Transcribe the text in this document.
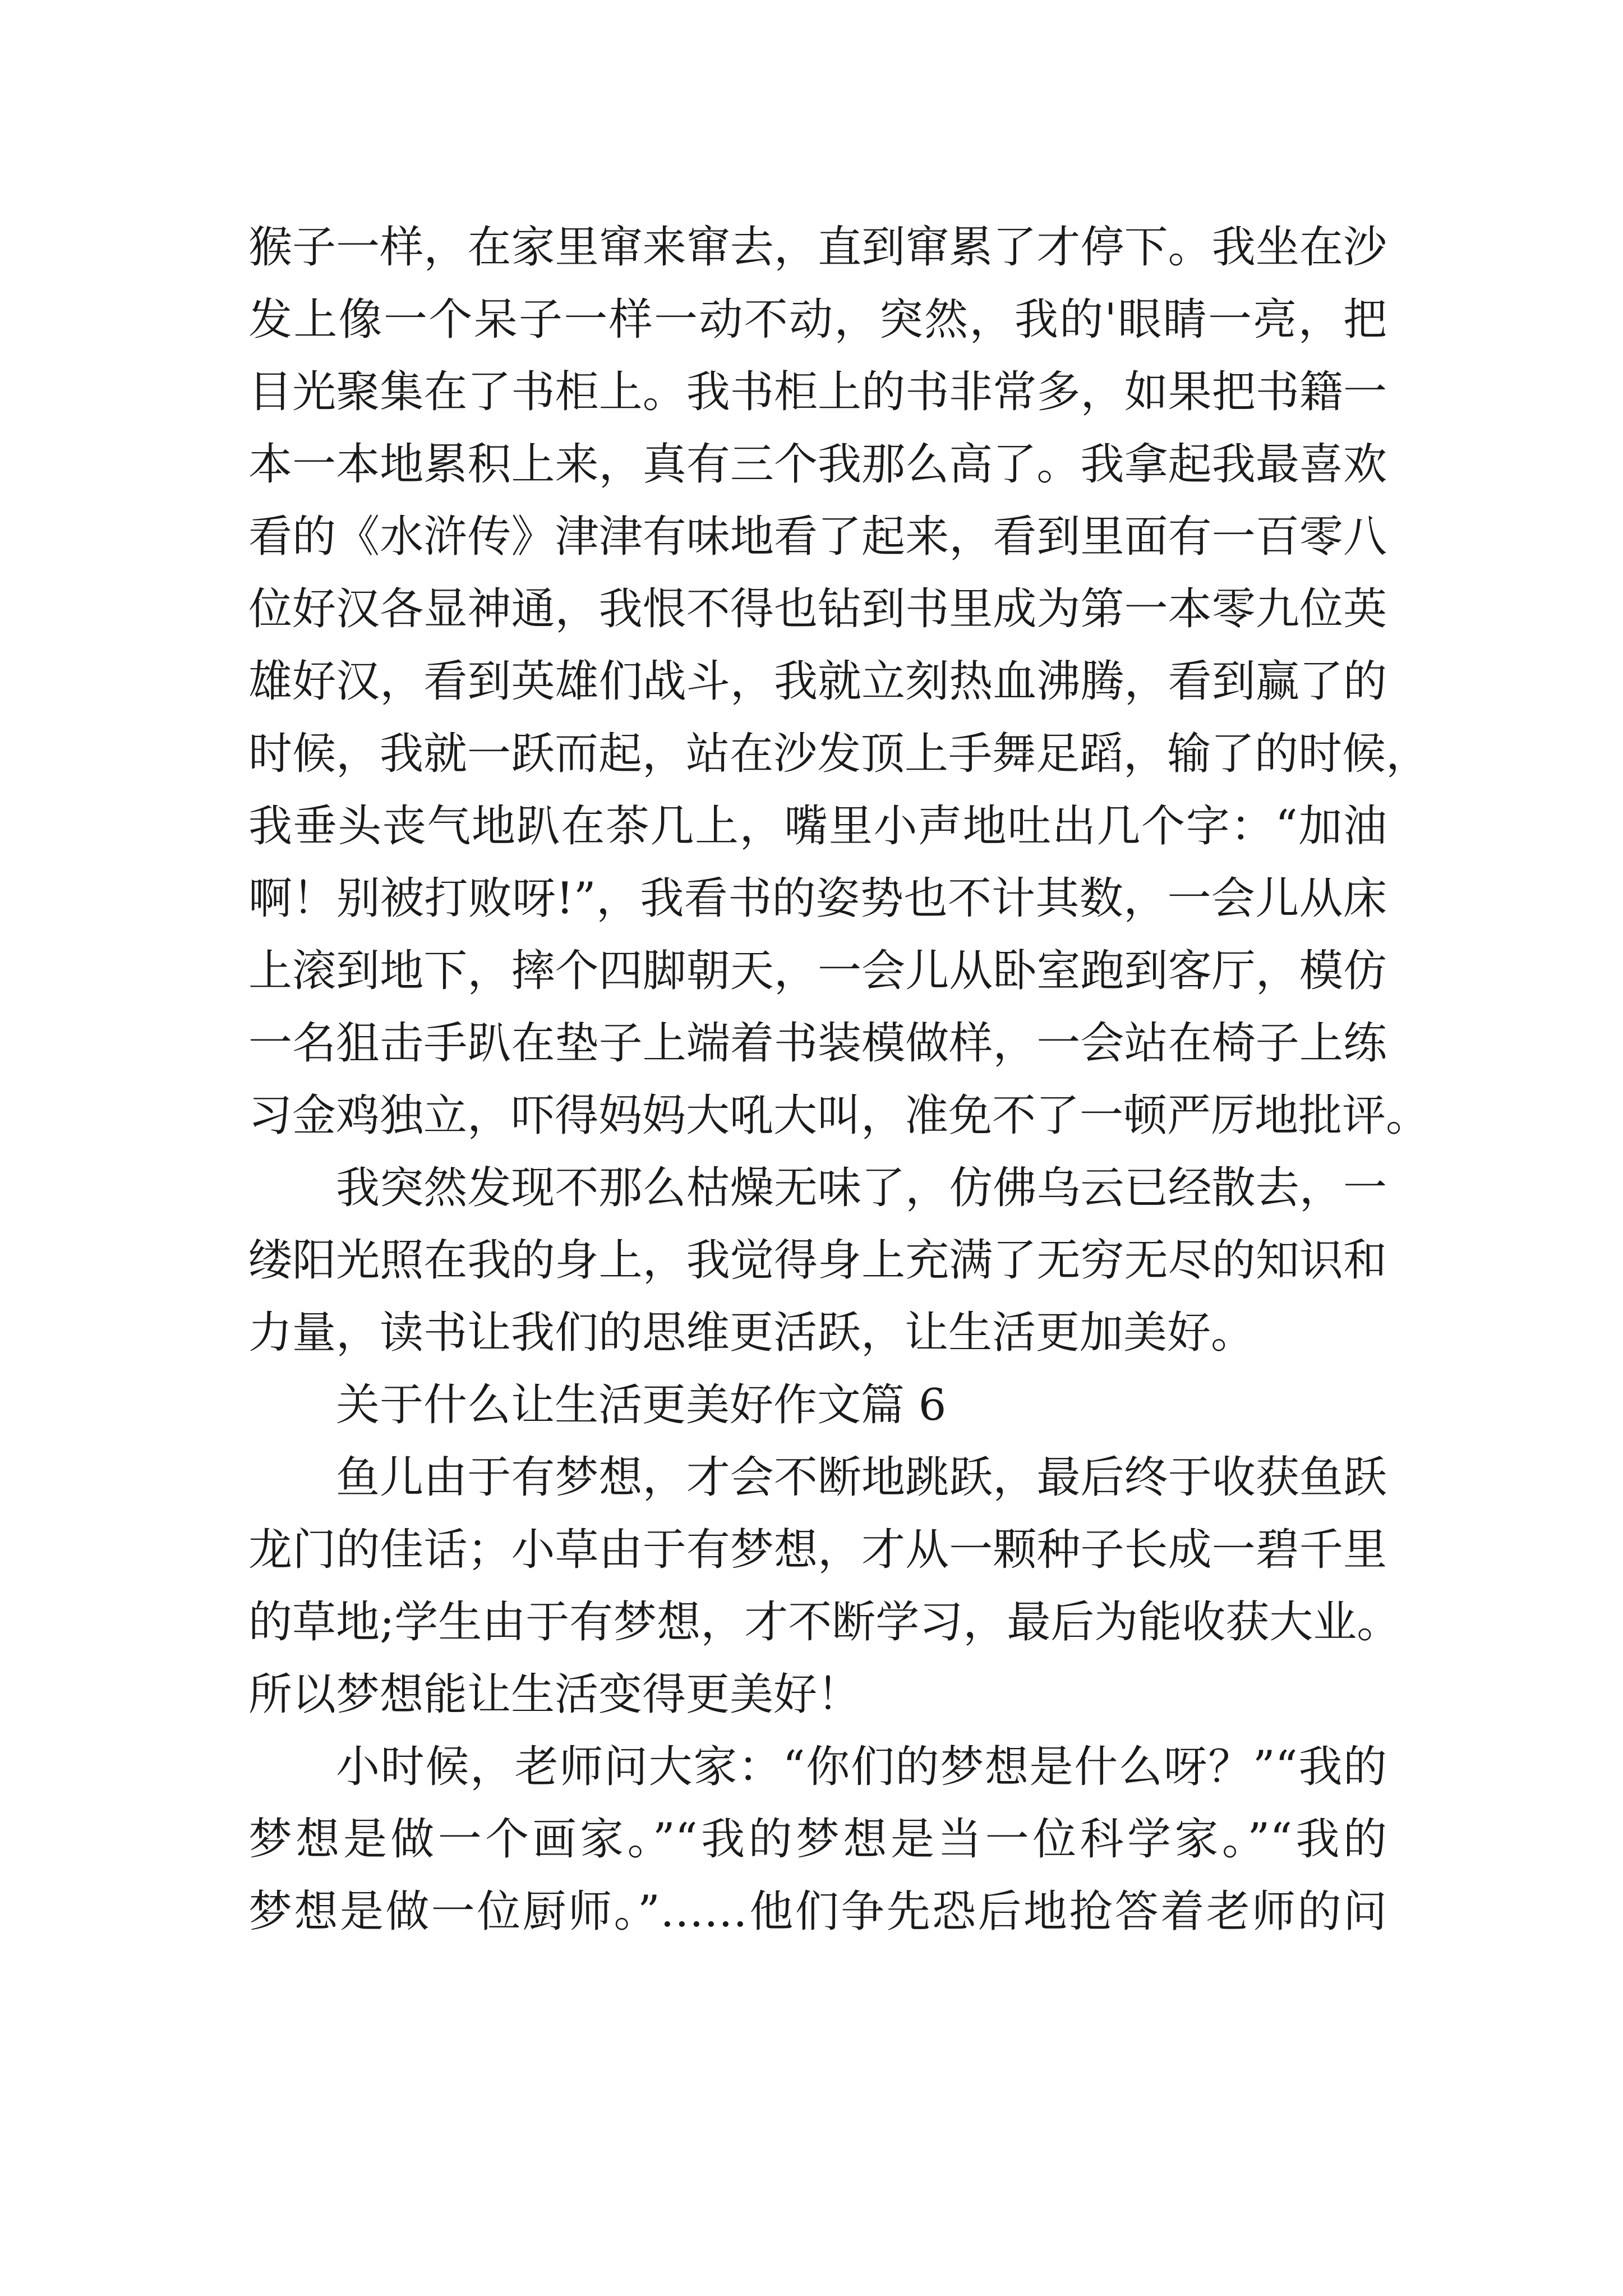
猴子一样，在家里窜来窜去，直到窜累了才停下。我坐在沙
发上像一个呆子一样一动不动，突然，我的'眼睛一亮，把
目光聚集在了书柜上。我书柜上的书非常多，如果把书籍一
本一本地累积上来，真有三个我那么高了。我拿起我最喜欢
看的《水浒传》津津有味地看了起来，看到里面有一百零八
位好汉各显神通，我恨不得也钻到书里成为第一本零九位英
雄好汉，看到英雄们战斗，我就立刻热血沸腾，看到赢了的
时候，我就一跃而起，站在沙发顶上手舞足蹈，输了的时候，
我垂头丧气地趴在茶几上，嘴里小声地吐出几个字：“加油
啊！别被打败呀!”，我看书的姿势也不计其数，一会儿从床
上滚到地下，摔个四脚朝天，一会儿从卧室跑到客厅，模仿
一名狙击手趴在垫子上端着书装模做样，一会站在椅子上练
习金鸡独立，吓得妈妈大吼大叫，准免不了一顿严厉地批评。
我突然发现不那么枯燥无味了，仿佛乌云已经散去，一
缕阳光照在我的身上，我觉得身上充满了无穷无尽的知识和
力量，读书让我们的思维更活跃，让生活更加美好。
关于什么让生活更美好作文篇 6
鱼儿由于有梦想，才会不断地跳跃，最后终于收获鱼跃
龙门的佳话；小草由于有梦想，才从一颗种子长成一碧千里
的草地;学生由于有梦想，才不断学习，最后为能收获大业。
所以梦想能让生活变得更美好！
小时候，老师问大家：“你们的梦想是什么呀？”“我的
梦想是做一个画家。”“我的梦想是当一位科学家。”“我的
梦想是做一位厨师。”……他们争先恐后地抢答着老师的问
